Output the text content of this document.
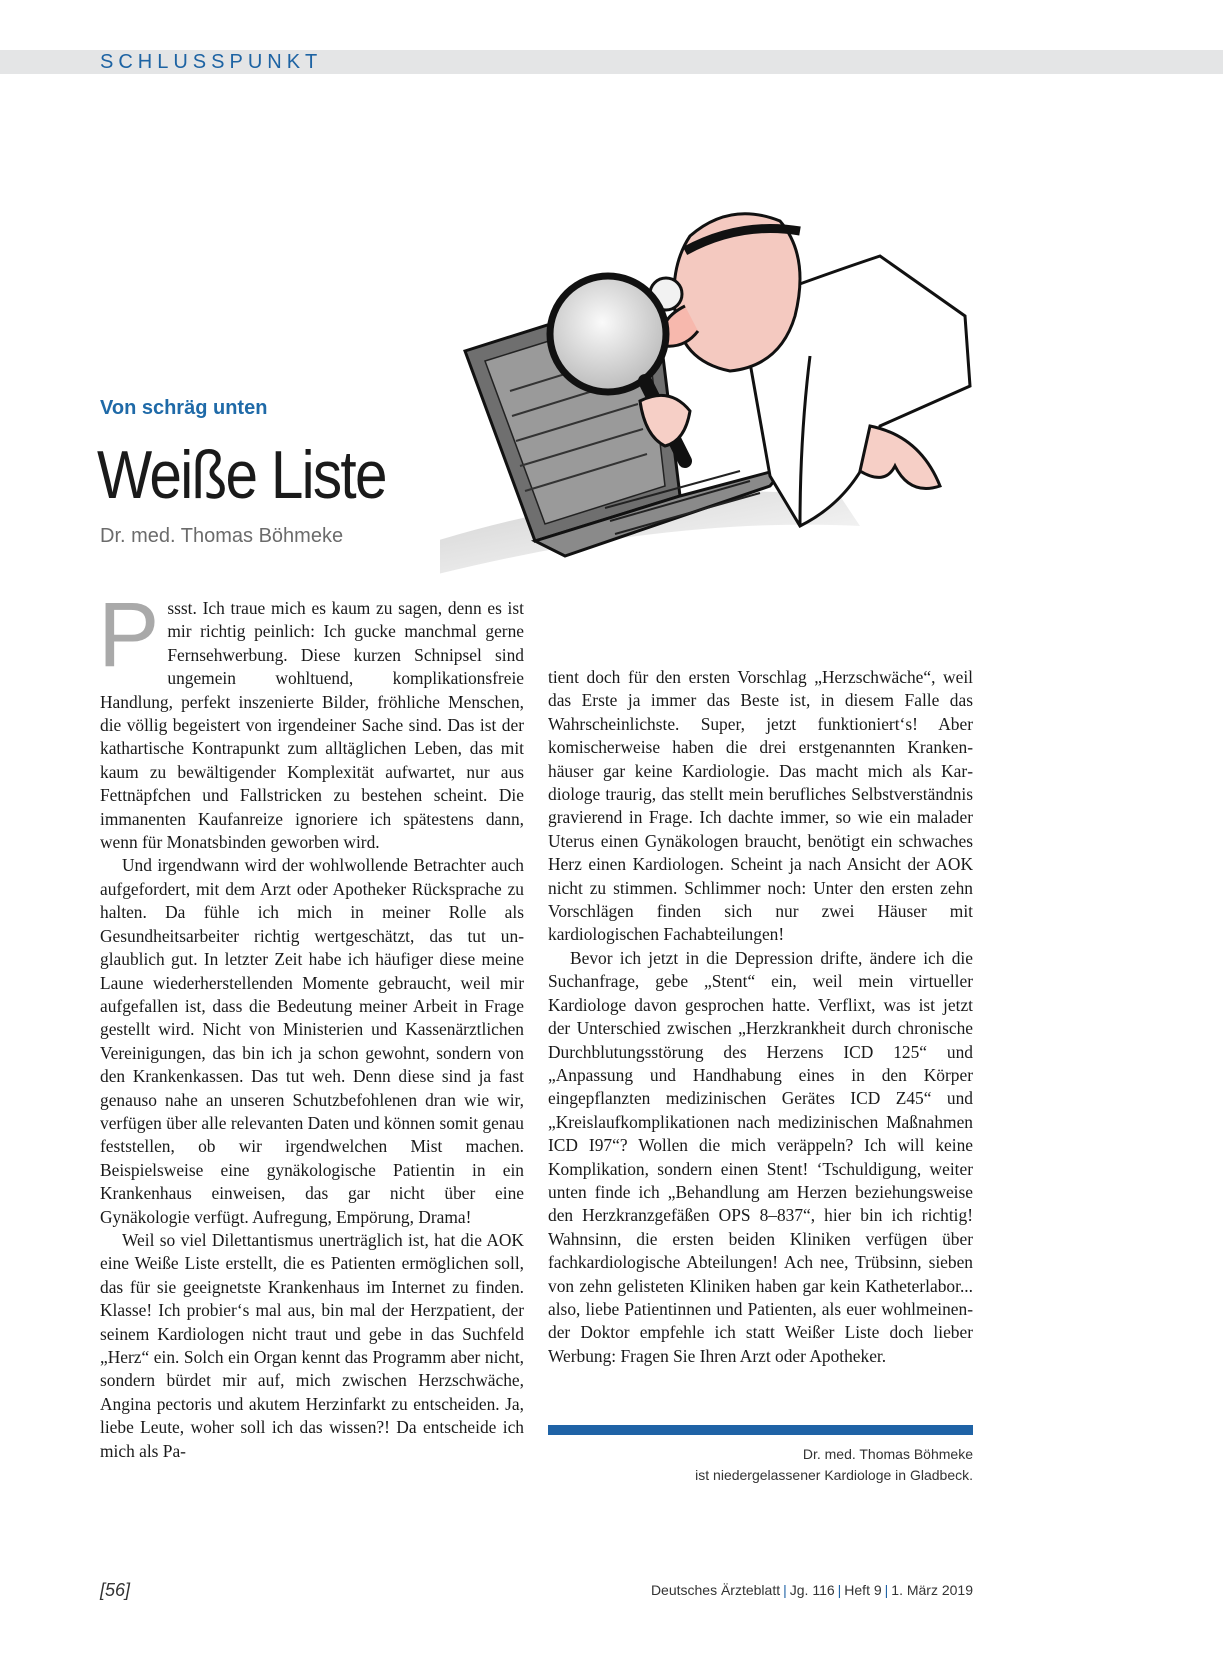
SCHLUSSPUNKT
Von schräg unten
Weiße Liste
Dr. med. Thomas Böhmeke

Pssst. Ich traue mich es kaum zu sagen, denn es ist mir richtig peinlich: Ich gucke manchmal gerne Fernsehwerbung. Diese kurzen Schnipsel sind ungemein wohltuend, komplikationsfreie Handlung, perfekt inszenierte Bilder, fröhliche Menschen, die völlig begeistert von irgendeiner Sache sind. Das ist der kathartische Kontrapunkt zum alltäglichen Leben, das mit kaum zu bewältigender Komplexität aufwartet, nur aus Fettnäpfchen und Fallstricken zu bestehen scheint. Die immanenten Kaufanreize ignoriere ich spätestens dann, wenn für Monatsbinden geworben wird.

Und irgendwann wird der wohlwollende Betrachter auch aufgefordert, mit dem Arzt oder Apotheker Rücksprache zu halten. Da fühle ich mich in meiner Rolle als Gesundheitsarbeiter richtig wertgeschätzt, das tut unglaublich gut. In letzter Zeit habe ich häufiger diese meine Laune wiederherstellenden Momente gebraucht, weil mir aufgefallen ist, dass die Bedeutung meiner Arbeit in Frage gestellt wird. Nicht von Ministerien und Kassenärztlichen Vereinigungen, das bin ich ja schon gewohnt, sondern von den Krankenkassen. Das tut weh. Denn diese sind ja fast genauso nahe an unseren Schutzbefohlenen dran wie wir, verfügen über alle relevanten Daten und können somit genau feststellen, ob wir irgendwelchen Mist machen. Beispielsweise eine gynäkologische Patientin in ein Krankenhaus einweisen, das gar nicht über eine Gynäkologie verfügt. Aufregung, Empörung, Drama!

Weil so viel Dilettantismus unerträglich ist, hat die AOK eine Weiße Liste erstellt, die es Patienten ermöglichen soll, das für sie geeignetste Krankenhaus im Internet zu finden. Klasse! Ich probier‘s mal aus, bin mal der Herzpatient, der seinem Kardiologen nicht traut und gebe in das Suchfeld „Herz“ ein. Solch ein Organ kennt das Programm aber nicht, sondern bürdet mir auf, mich zwischen Herzschwäche, Angina pectoris und akutem Herzinfarkt zu entscheiden. Ja, liebe Leute, woher soll ich das wissen?! Da entscheide ich mich als Pa-

tient doch für den ersten Vorschlag „Herzschwäche“, weil das Erste ja immer das Beste ist, in diesem Falle das Wahrscheinlichste. Super, jetzt funktioniert‘s! Aber komischerweise haben die drei erstgenannten Krankenhäuser gar keine Kardiologie. Das macht mich als Kardiologe traurig, das stellt mein berufliches Selbstverständnis gravierend in Frage. Ich dachte immer, so wie ein malader Uterus einen Gynäkologen braucht, benötigt ein schwaches Herz einen Kardiologen. Scheint ja nach Ansicht der AOK nicht zu stimmen. Schlimmer noch: Unter den ersten zehn Vorschlägen finden sich nur zwei Häuser mit kardiologischen Fachabteilungen!

Bevor ich jetzt in die Depression drifte, ändere ich die Suchanfrage, gebe „Stent“ ein, weil mein virtueller Kardiologe davon gesprochen hatte. Verflixt, was ist jetzt der Unterschied zwischen „Herzkrankheit durch chronische Durchblutungsstörung des Herzens ICD 125“ und „Anpassung und Handhabung eines in den Körper eingepflanzten medizinischen Gerätes ICD Z45“ und „Kreislaufkomplikationen nach medizinischen Maßnahmen ICD I97“? Wollen die mich veräppeln? Ich will keine Komplikation, sondern einen Stent! ‘Tschuldigung, weiter unten finde ich „Behandlung am Herzen beziehungsweise den Herzkranzgefäßen OPS 8–837“, hier bin ich richtig! Wahnsinn, die ersten beiden Kliniken verfügen über fachkardiologische Abteilungen! Ach nee, Trübsinn, sieben von zehn gelisteten Kliniken haben gar kein Katheterlabor... also, liebe Patientinnen und Patienten, als euer wohlmeinender Doktor empfehle ich statt Weißer Liste doch lieber Werbung: Fragen Sie Ihren Arzt oder Apotheker.

Dr. med. Thomas Böhmeke
ist niedergelassener Kardiologe in Gladbeck.
[56]	Deutsches Ärzteblatt | Jg. 116 | Heft 9 | 1. März 2019
